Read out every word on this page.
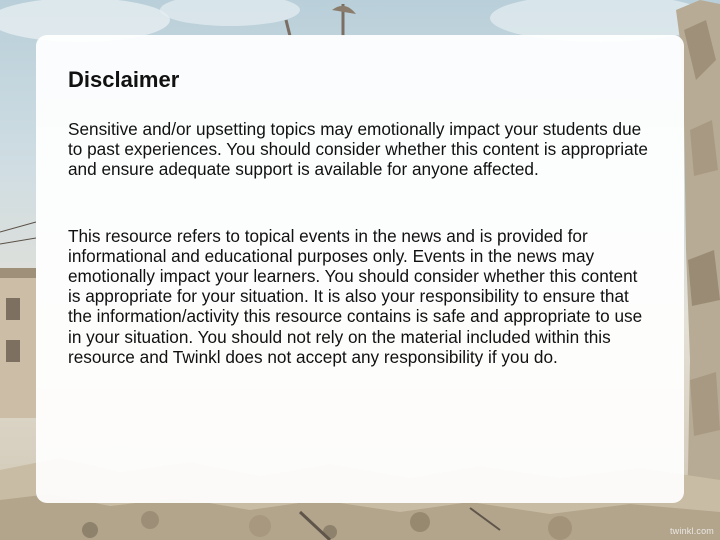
Disclaimer

Sensitive and/or upsetting topics may emotionally impact your students due to past experiences. You should consider whether this content is appropriate and ensure adequate support is available for anyone affected.

This resource refers to topical events in the news and is provided for informational and educational purposes only. Events in the news may emotionally impact your learners. You should consider whether this content is appropriate for your situation. It is also your responsibility to ensure that the information/activity this resource contains is safe and appropriate to use in your situation. You should not rely on the material included within this resource and Twinkl does not accept any responsibility if you do.

twinkl.com
